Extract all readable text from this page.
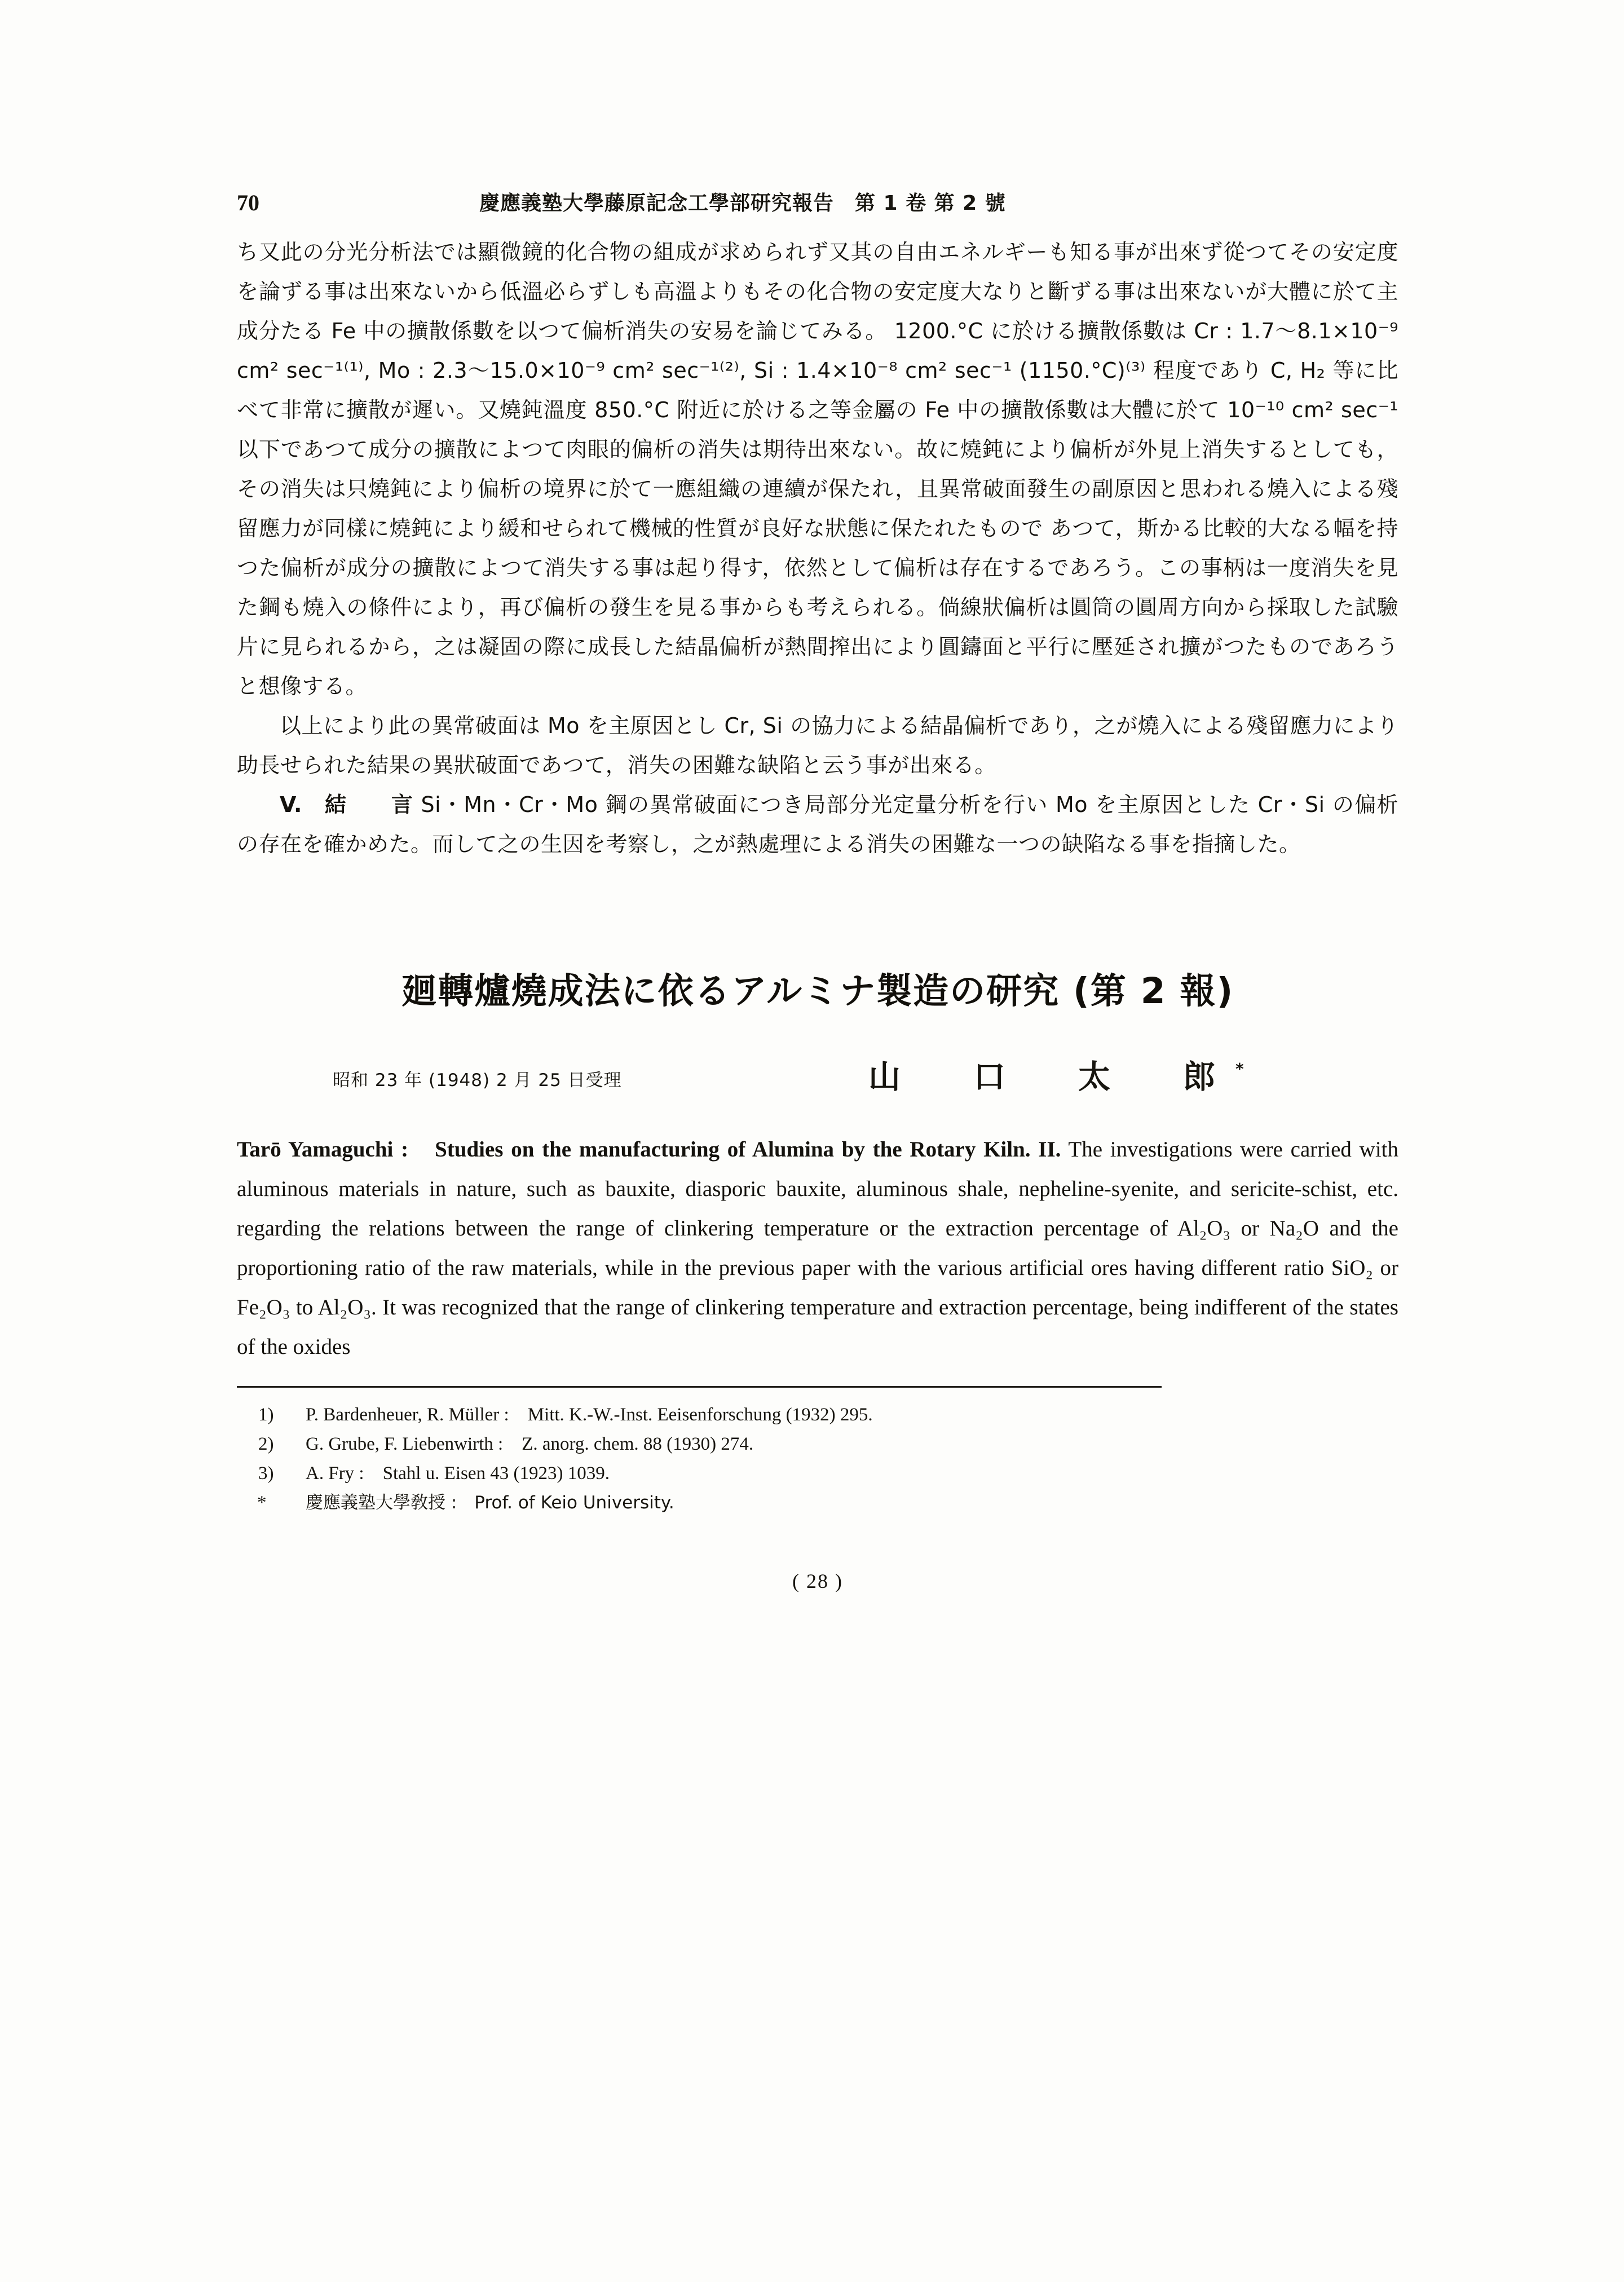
70	慶應義塾大學藤原記念工學部研究報告　第 1 卷 第 2 號

ち又此の分光分析法では顯微鏡的化合物の組成が求められず又其の自由エネルギーも知る事が出來ず從つてその安定度を論ずる事は出來ないから低溫必らずしも高溫よりもその化合物の安定度大なりと斷ずる事は出來ないが大體に於て主成分たる Fe 中の擴散係數を以つて偏析消失の安易を論じてみる。 1200.°C に於ける擴散係數は Cr : 1.7〜8.1×10⁻⁹ cm² sec⁻¹⁽¹⁾, Mo : 2.3〜15.0×10⁻⁹ cm² sec⁻¹⁽²⁾, Si : 1.4×10⁻⁸ cm² sec⁻¹ (1150.°C)⁽³⁾ 程度であり C, H₂ 等に比べて非常に擴散が遲い。又燒鈍溫度 850.°C 附近に於ける之等金屬の Fe 中の擴散係數は大體に於て 10⁻¹⁰ cm² sec⁻¹ 以下であつて成分の擴散によつて肉眼的偏析の消失は期待出來ない。故に燒鈍により偏析が外見上消失するとしても，その消失は只燒鈍により偏析の境界に於て一應組織の連續が保たれ，且異常破面發生の副原因と思われる燒入による殘留應力が同樣に燒鈍により緩和せられて機械的性質が良好な狀態に保たれたもので あつて，斯かる比較的大なる幅を持つた偏析が成分の擴散によつて消失する事は起り得す，依然として偏析は存在するであろう。この事柄は一度消失を見た鋼も燒入の條件により，再び偏析の發生を見る事からも考えられる。倘線狀偏析は圓筒の圓周方向から採取した試驗片に見られるから，之は凝固の際に成長した結晶偏析が熱間搾出により圓鑄面と平行に壓延され擴がつたものであろうと想像する。

以上により此の異常破面は Mo を主原因とし Cr, Si の協力による結晶偏析であり，之が燒入による殘留應力により助長せられた結果の異狀破面であつて，消失の困難な缺陷と云う事が出來る。

V.　結　　言 Si・Mn・Cr・Mo 鋼の異常破面につき局部分光定量分析を行い Mo を主原因とした Cr・Si の偏析の存在を確かめた。而して之の生因を考察し，之が熱處理による消失の困難な一つの缺陷なる事を指摘した。

廻轉爐燒成法に依るアルミナ製造の研究 (第 2 報)
昭和 23 年 (1948) 2 月 25 日受理	山　口　太　郎*
Tarō Yamaguchi :　Studies on the manufacturing of Alumina by the Rotary Kiln. II. The investigations were carried with aluminous materials in nature, such as bauxite, diasporic bauxite, aluminous shale, nepheline-syenite, and sericite-schist, etc. regarding the relations between the range of clinkering temperature or the extraction percentage of Al₂O₃ or Na₂O and the proportioning ratio of the raw materials, while in the previous paper with the various artificial ores having different ratio SiO₂ or Fe₂O₃ to Al₂O₃. It was recognized that the range of clinkering temperature and extraction percentage, being indifferent of the states of the oxides
1)	P. Bardenheuer, R. Müller :　Mitt. K.-W.-Inst. Eeisenforschung (1932) 295.
2)	G. Grube, F. Liebenwirth :　Z. anorg. chem. 88 (1930) 274.
3)	A. Fry :　Stahl u. Eisen 43 (1923) 1039.
*	慶應義塾大學敎授 :　Prof. of Keio University.
( 28 )
